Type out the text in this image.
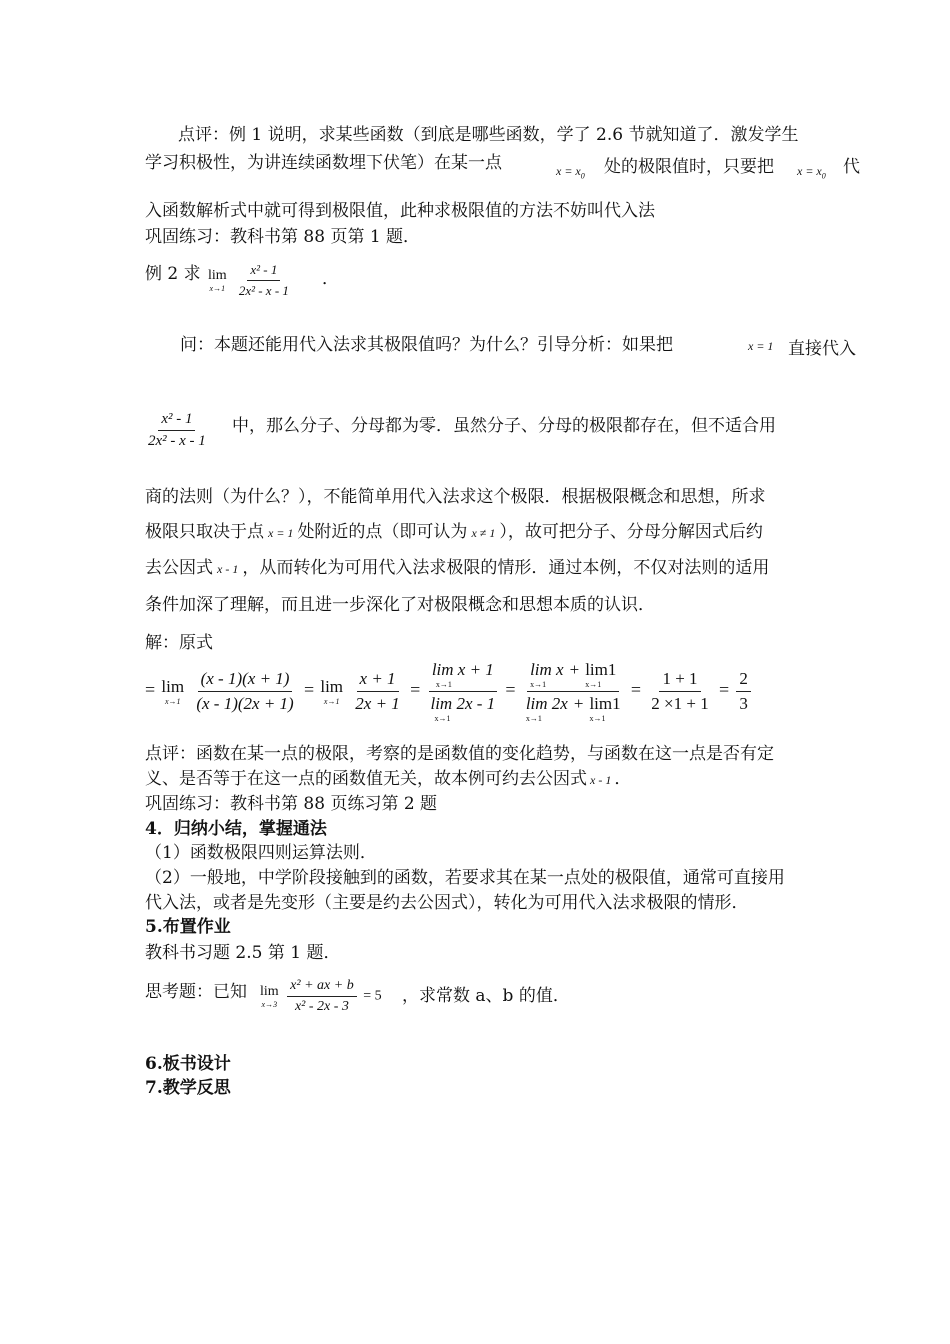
点评：例 1 说明，求某些函数（到底是哪些函数，学了 2.6 节就知道了．激发学生
学习积极性，为讲连续函数埋下伏笔）在某一点	$x = x_0$ 处的极限值时，只要把 $x = x_0$ 代
入函数解析式中就可得到极限值，此种求极限值的方法不妨叫代入法
巩固练习：教科书第 88 页第 1 题．
例 2 求 lim
x→1
$\frac{\text{x² - 1}}{\text{2x² - x - 1}}$ ．
问：本题还能用代入法求其极限值吗？为什么？引导分析：如果把	x = 1 直接代入
$\frac{\text{x² - 1}}{\text{2x² - x - 1}}$ 中，那么分子、分母都为零．虽然分子、分母的极限都存在，但不适合用
商的法则（为什么？），不能简单用代入法求这个极限．根据极限概念和思想，所求
极限只取决于点 x = 1 处附近的点（即可认为 x ≠ 1 ），故可把分子、分母分解因式后约
去公因式 x - 1 ，从而转化为可用代入法求极限的情形．通过本例，不仅对法则的适用
条件加深了理解，而且进一步深化了对极限概念和思想本质的认识．
解：原式
= lim
x→1
$\frac{(x - 1)(x + 1)}{(x - 1)(2x + 1)} = \lim$
x→1
$\frac{x + 1}{2x + 1} = \lim x + 1$
x→1
lim 2x - 1
x→1 = lim x
x→1
+ lim1
x→1
lim 2x
x→1
+ lim1
$x\to 1 = \frac{1 + 1}{2 \times 1 + 1} = \frac{2}{3}$
点评：函数在某一点的极限，考察的是函数值的变化趋势，与函数在这一点是否有定
义、是否等于在这一点的函数值无关，故本例可约去公因式 x - 1 ．
巩固练习：教科书第 88 页练习第 2 题
4．归纳小结，掌握通法
（1）函数极限四则运算法则．
（2）一般地，中学阶段接触到的函数，若要求其在某一点处的极限值，通常可直接用
代入法，或者是先变形（主要是约去公因式），转化为可用代入法求极限的情形．
5.布置作业
教科书习题 2.5 第 1 题．
思考题：已知 lim
x→3
$\frac{\text{x² + ax + b}}{\text{x² - 2x - 3}} = 5$ ，求常数 a、b 的值．
6.板书设计
7.教学反思
